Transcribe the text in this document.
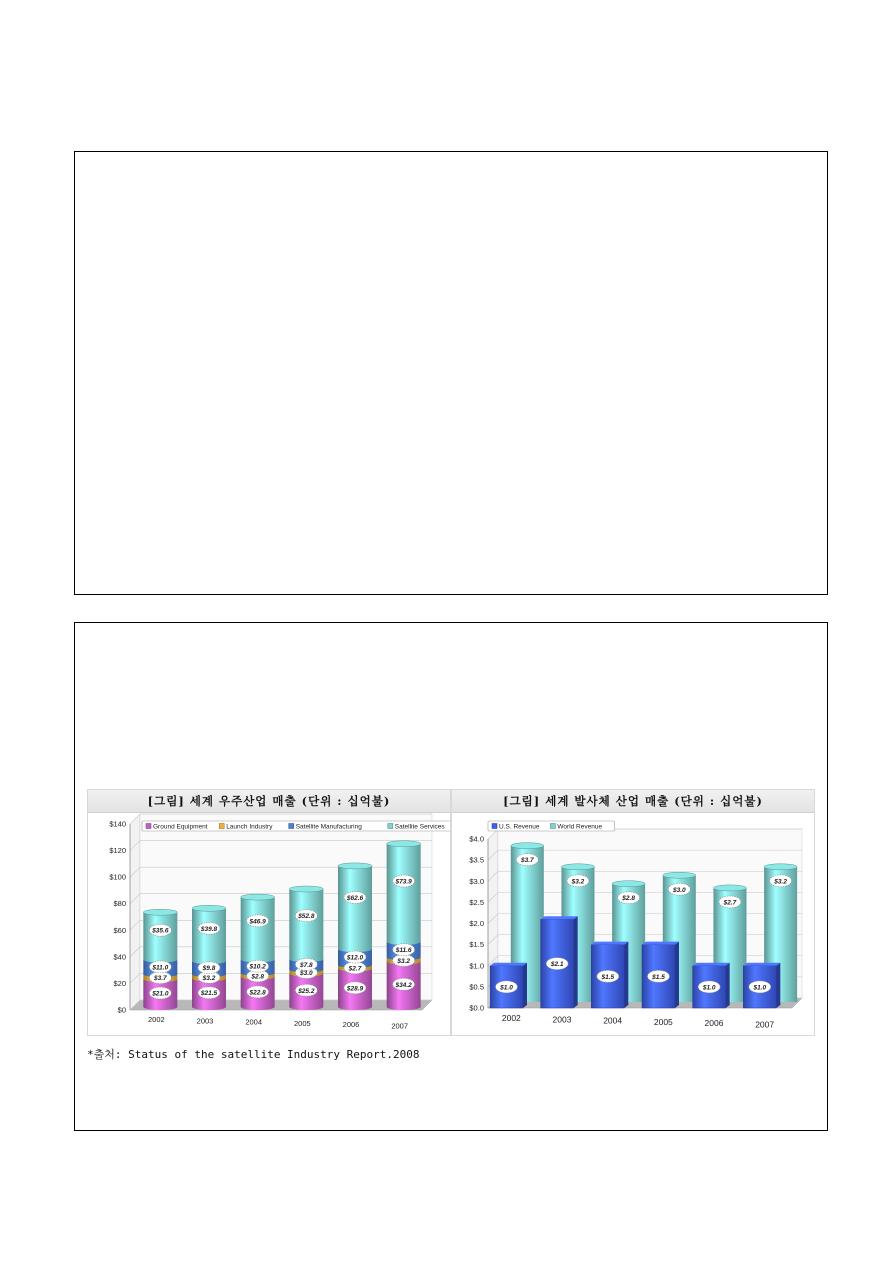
[그림] 세계 우주산업 매출 (단위 : 십억불)
$0
$20
$40
$60
$80
$100
$120
$140	Ground Equipment	Launch Industry	Satellite Manufacturing	Satellite Services
$21.0
$3.7
$11.0
$35.6
2002
$21.5
$3.2
$9.8
$39.8
2003
$22.8
$2.8
$10.2
$46.9
2004
$25.2
$3.0
$7.8
$52.8
2005
$28.9
$2.7
$12.0
$62.6
2006
$34.2
$3.2
$11.6
$73.9
2007
[그림] 세계 발사체 산업 매출 (단위 : 십억불)
$0.0
$0.5
$1.0
$1.5
$2.0
$2.5
$3.0
$3.5
$4.0
U.S. Revenue	World Revenue
$3.7
$1.0
2002
$3.2
$2.1
2003
$2.8
$1.5
2004
$3.0
$1.5
2005
$2.7
$1.0
2006
$3.2
$1.0
2007
*출처: Status of the satellite Industry Report.2008
